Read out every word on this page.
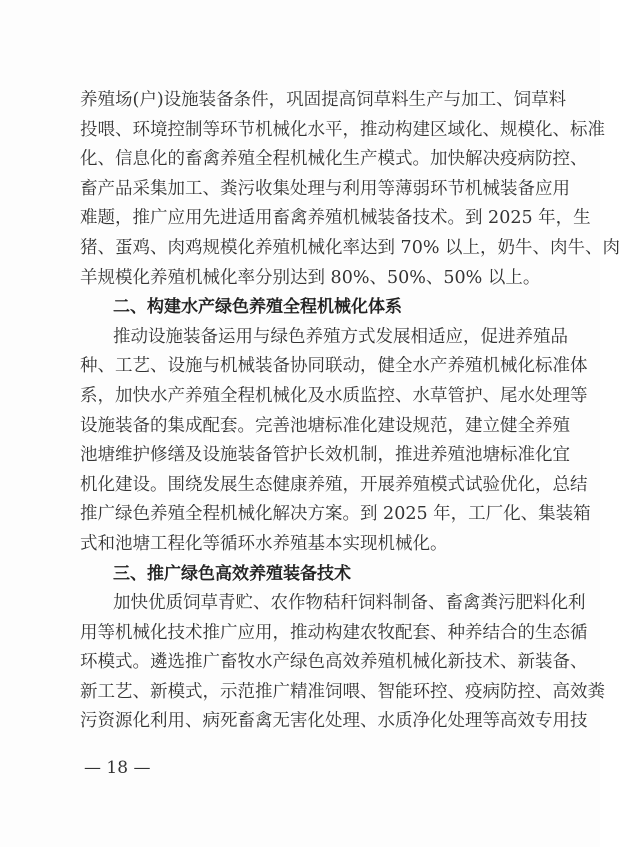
养殖场(户)设施装备条件，巩固提高饲草料生产与加工、饲草料
投喂、环境控制等环节机械化水平，推动构建区域化、规模化、标准
化、信息化的畜禽养殖全程机械化生产模式。加快解决疫病防控、
畜产品采集加工、粪污收集处理与利用等薄弱环节机械装备应用
难题，推广应用先进适用畜禽养殖机械装备技术。到 2025 年，生
猪、蛋鸡、肉鸡规模化养殖机械化率达到 70% 以上，奶牛、肉牛、肉
羊规模化养殖机械化率分别达到 80%、50%、50% 以上。
二、构建水产绿色养殖全程机械化体系
推动设施装备运用与绿色养殖方式发展相适应，促进养殖品
种、工艺、设施与机械装备协同联动，健全水产养殖机械化标准体
系，加快水产养殖全程机械化及水质监控、水草管护、尾水处理等
设施装备的集成配套。完善池塘标准化建设规范，建立健全养殖
池塘维护修缮及设施装备管护长效机制，推进养殖池塘标准化宜
机化建设。围绕发展生态健康养殖，开展养殖模式试验优化，总结
推广绿色养殖全程机械化解决方案。到 2025 年，工厂化、集装箱
式和池塘工程化等循环水养殖基本实现机械化。
三、推广绿色高效养殖装备技术
加快优质饲草青贮、农作物秸秆饲料制备、畜禽粪污肥料化利
用等机械化技术推广应用，推动构建农牧配套、种养结合的生态循
环模式。遴选推广畜牧水产绿色高效养殖机械化新技术、新装备、
新工艺、新模式，示范推广精准饲喂、智能环控、疫病防控、高效粪
污资源化利用、病死畜禽无害化处理、水质净化处理等高效专用技
— 18 —
